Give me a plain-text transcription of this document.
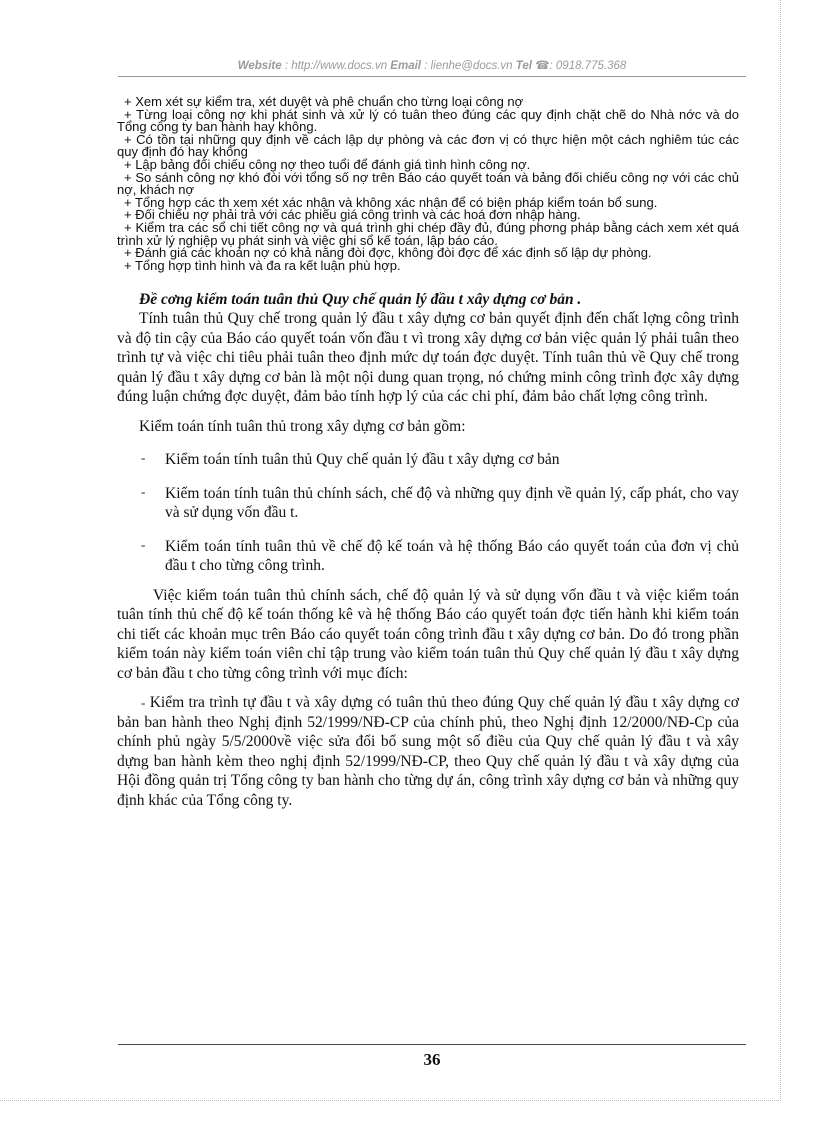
Website : http://www.docs.vn Email : lienhe@docs.vn Tel ☎: 0918.775.368

+ Xem xét sự kiểm tra, xét duyệt và phê chuẩn cho từng loại công nợ

+ Từng loại công nợ khi phát sinh và xử lý có tuân theo đúng các quy định chặt chẽ do Nhà nớc và do Tổng công ty ban hành hay không.

+ Có tồn tại những quy định về cách lập dự phòng và các đơn vị có thực hiện một cách nghiêm túc các quy định đó hay không

+ Lập bảng đối chiếu công nợ theo tuổi để đánh giá tình hình công nợ.

+ So sánh công nợ khó đòi với tổng số nợ trên Báo cáo quyết toán và bảng đối chiếu công nợ với các chủ nợ, khách nợ

+ Tổng hợp các th xem xét xác nhận và không xác nhận để có biện pháp kiểm toán bổ sung.

+ Đối chiếu nợ phải trả với các phiếu giá công trình và các hoá đơn nhập hàng.

+ Kiểm tra các sổ chi tiết công nợ và quá trình ghi chép đầy đủ, đúng phơng pháp bằng cách xem xét quá trình xử lý nghiệp vụ phát sinh và việc ghi sổ kế toán, lập báo cáo.

+ Đánh giá các khoản nợ có khả năng đòi đợc, không đòi đợc để xác định số lập dự phòng.

+ Tổng hợp tình hình và đa ra kết luận phù hợp.

Đề cơng kiểm toán tuân thủ Quy chế quản lý đầu t xây dựng cơ bản .

Tính tuân thủ Quy chế trong quản lý đầu t xây dựng cơ bản quyết định đến chất lợng công trình và độ tin cậy của Báo cáo quyết toán vốn đầu t vì trong xây dựng cơ bản việc quản lý phải tuân theo trình tự và việc chi tiêu phải tuân theo định mức dự toán đợc duyệt. Tính tuân thủ về Quy chế trong quản lý đầu t xây dựng cơ bản là một nội dung quan trọng, nó chứng minh công trình đợc xây dựng đúng luận chứng đợc duyệt, đảm bảo tính hợp lý của các chi phí, đảm bảo chất lợng công trình.

Kiểm toán tính tuân thủ trong xây dựng cơ bản gồm:

- Kiểm toán tính tuân thủ Quy chế quản lý đầu t xây dựng cơ bản
- Kiểm toán tính tuân thủ chính sách, chế độ và những quy định về quản lý, cấp phát, cho vay và sử dụng vốn đầu t.
- Kiểm toán tính tuân thủ về chế độ kế toán và hệ thống Báo cáo quyết toán của đơn vị chủ đầu t cho từng công trình.

Việc kiểm toán tuân thủ chính sách, chế độ quản lý và sử dụng vốn đầu t và việc kiểm toán tuân tính thủ chế độ kế toán thống kê và hệ thống Báo cáo quyết toán đợc tiến hành khi kiểm toán chi tiết các khoản mục trên Báo cáo quyết toán công trình đầu t xây dựng cơ bản. Do đó trong phần kiểm toán này kiểm toán viên chỉ tập trung vào kiểm toán tuân thủ Quy chế quản lý đầu t xây dựng cơ bản đầu t cho từng công trình với mục đích:

- Kiểm tra trình tự đầu t và xây dựng có tuân thủ theo đúng Quy chế quản lý đầu t xây dựng cơ bản ban hành theo Nghị định 52/1999/NĐ-CP của chính phủ, theo Nghị định 12/2000/NĐ-Cp của chính phủ ngày 5/5/2000về việc sửa đổi bổ sung một số điều của Quy chế quản lý đầu t và xây dựng ban hành kèm theo nghị định 52/1999/NĐ-CP, theo Quy chế quản lý đầu t và xây dựng của Hội đồng quản trị Tổng công ty ban hành cho từng dự án, công trình xây dựng cơ bản và những quy định khác của Tổng công ty.

36
